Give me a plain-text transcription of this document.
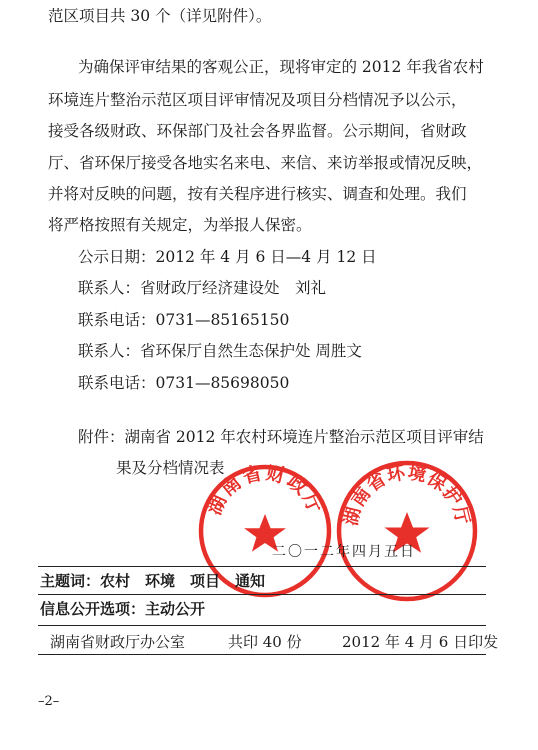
范区项目共 30 个（详见附件）。
为确保评审结果的客观公正，现将审定的 2012 年我省农村
环境连片整治示范区项目评审情况及项目分档情况予以公示，
接受各级财政、环保部门及社会各界监督。公示期间，省财政
厅、省环保厅接受各地实名来电、来信、来访举报或情况反映，
并将对反映的问题，按有关程序进行核实、调查和处理。我们
将严格按照有关规定，为举报人保密。
公示日期：2012 年 4 月 6 日—4 月 12 日
联系人：省财政厅经济建设处　刘礼
联系电话：0731—85165150
联系人：省环保厅自然生态保护处 周胜文
联系电话：0731—85698050
附件：湖南省 2012 年农村环境连片整治示范区项目评审结
果及分档情况表
湖南省财政厅 湖南省环境保护厅
二〇一二年四月五日
主题词：农村　环境　项目　通知
信息公开选项：主动公开
湖南省财政厅办公室	共印 40 份	2012 年 4 月 6 日印发
–2–
